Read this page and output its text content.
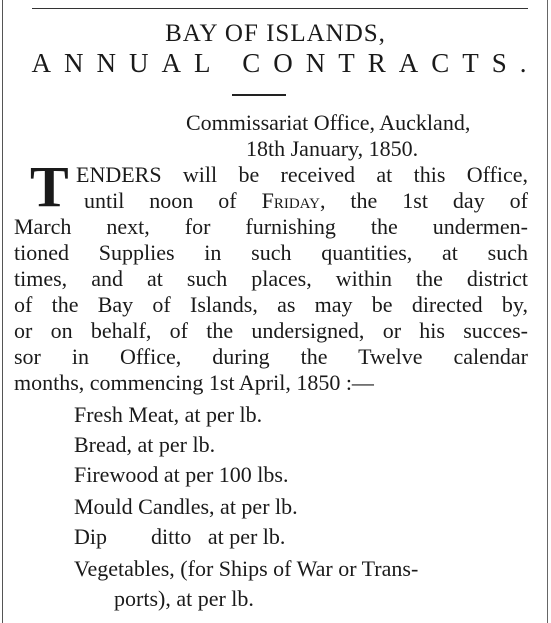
BAY OF ISLANDS,
ANNUAL CONTRACTS.
Commissariat Office, Auckland,
18th January, 1850.
T ENDERS will be received at this Office,
until noon of Friday, the 1st day of
March next, for furnishing the undermen-
tioned Supplies in such quantities, at such
times, and at such places, within the district
of the Bay of Islands, as may be directed by,
or on behalf, of the undersigned, or his succes-
sor in Office, during the Twelve calendar
months, commencing 1st April, 1850 :—
Fresh Meat, at per lb.
Bread, at per lb.
Firewood at per 100 lbs.
Mould Candles, at per lb.
Dip        ditto   at per lb.
Vegetables, (for Ships of War or Trans-
ports), at per lb.
